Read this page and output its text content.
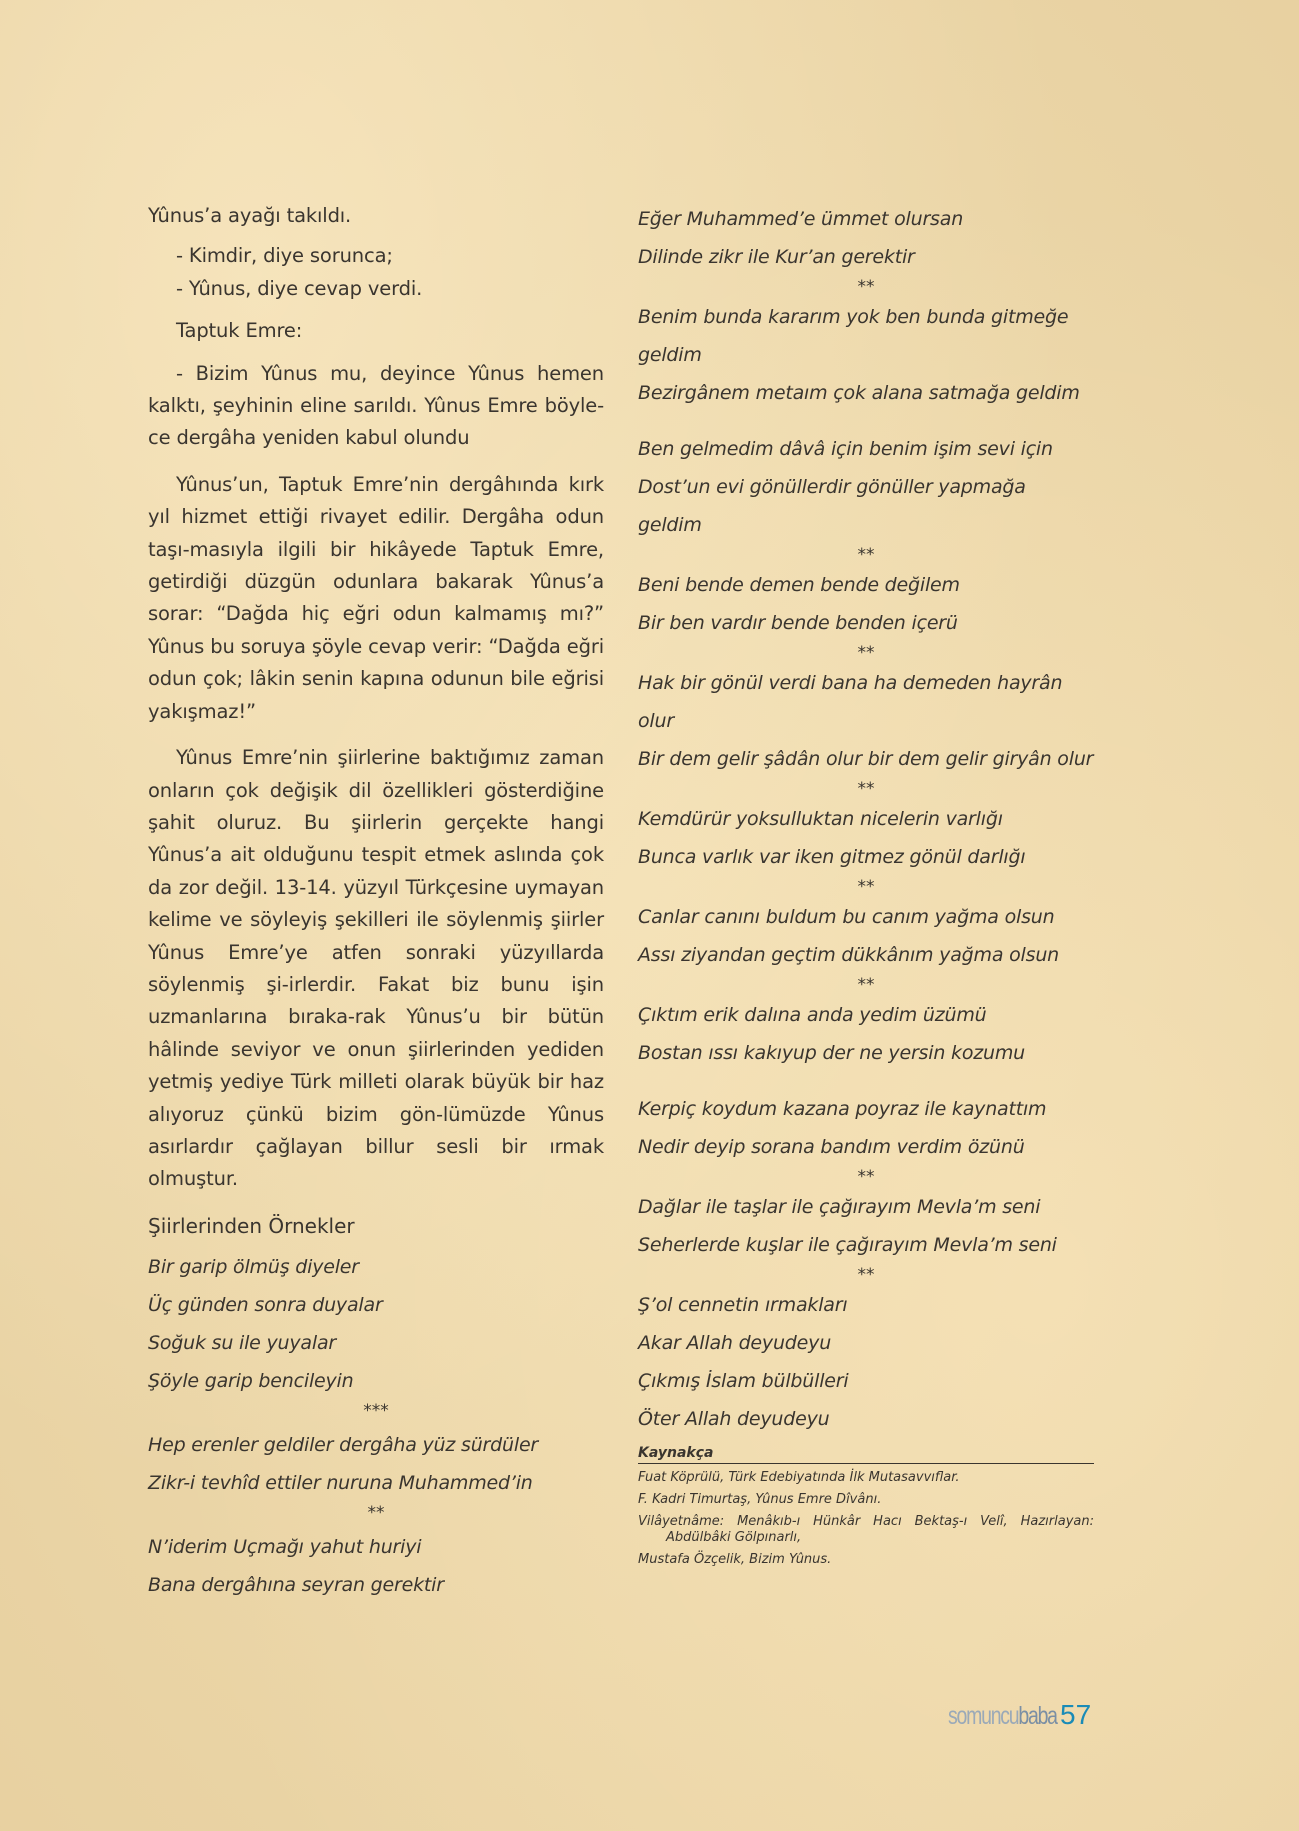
Yûnus’a ayağı takıldı.

- Kimdir, diye sorunca;

- Yûnus, diye cevap verdi.

Taptuk Emre:

- Bizim Yûnus mu, deyince Yûnus hemen kalktı, şeyhinin eline sarıldı. Yûnus Emre böyle-ce dergâha yeniden kabul olundu

Yûnus’un, Taptuk Emre’nin dergâhında kırk yıl hizmet ettiği rivayet edilir. Dergâha odun taşı-masıyla ilgili bir hikâyede Taptuk Emre, getirdiği düzgün odunlara bakarak Yûnus’a sorar: “Dağda hiç eğri odun kalmamış mı?” Yûnus bu soruya şöyle cevap verir: “Dağda eğri odun çok; lâkin senin kapına odunun bile eğrisi yakışmaz!”

Yûnus Emre’nin şiirlerine baktığımız zaman onların çok değişik dil özellikleri gösterdiğine şahit oluruz. Bu şiirlerin gerçekte hangi Yûnus’a ait olduğunu tespit etmek aslında çok da zor değil. 13-14. yüzyıl Türkçesine uymayan kelime ve söyleyiş şekilleri ile söylenmiş şiirler Yûnus Emre’ye atfen sonraki yüzyıllarda söylenmiş şi-irlerdir. Fakat biz bunu işin uzmanlarına bıraka-rak Yûnus’u bir bütün hâlinde seviyor ve onun şiirlerinden yediden yetmiş yediye Türk milleti olarak büyük bir haz alıyoruz çünkü bizim gön-lümüzde Yûnus asırlardır çağlayan billur sesli bir ırmak olmuştur.

Şiirlerinden Örnekler

Bir garip ölmüş diyeler

Üç günden sonra duyalar

Soğuk su ile yuyalar

Şöyle garip bencileyin

***

Hep erenler geldiler dergâha yüz sürdüler

Zikr-i tevhîd ettiler nuruna Muhammed’in

**

N’iderim Uçmağı yahut huriyi

Bana dergâhına seyran gerektir

Eğer Muhammed’e ümmet olursan

Dilinde zikr ile Kur’an gerektir

**

Benim bunda kararım yok ben bunda gitmeğe geldim

Bezirgânem metaım çok alana satmağa geldim

Ben gelmedim dâvâ için benim işim sevi için

Dost’un evi gönüllerdir gönüller yapmağa geldim

**

Beni bende demen bende değilem

Bir ben vardır bende benden içerü

**

Hak bir gönül verdi bana ha demeden hayrân olur

Bir dem gelir şâdân olur bir dem gelir giryân olur

**

Kemdürür yoksulluktan nicelerin varlığı

Bunca varlık var iken gitmez gönül darlığı

**

Canlar canını buldum bu canım yağma olsun

Assı ziyandan geçtim dükkânım yağma olsun

**

Çıktım erik dalına anda yedim üzümü

Bostan ıssı kakıyup der ne yersin kozumu

Kerpiç koydum kazana poyraz ile kaynattım

Nedir deyip sorana bandım verdim özünü

**

Dağlar ile taşlar ile çağırayım Mevla’m seni

Seherlerde kuşlar ile çağırayım Mevla’m seni

**

Ş’ol cennetin ırmakları

Akar Allah deyudeyu

Çıkmış İslam bülbülleri

Öter Allah deyudeyu

Kaynakça

Fuat Köprülü, Türk Edebiyatında İlk Mutasavvıflar.

F. Kadri Timurtaş, Yûnus Emre Dîvânı.

Vilâyetnâme: Menâkıb-ı Hünkâr Hacı Bektaş-ı Velî, Hazırlayan: Abdülbâki Gölpınarlı,

Mustafa Özçelik, Bizim Yûnus.

somuncubaba 57
